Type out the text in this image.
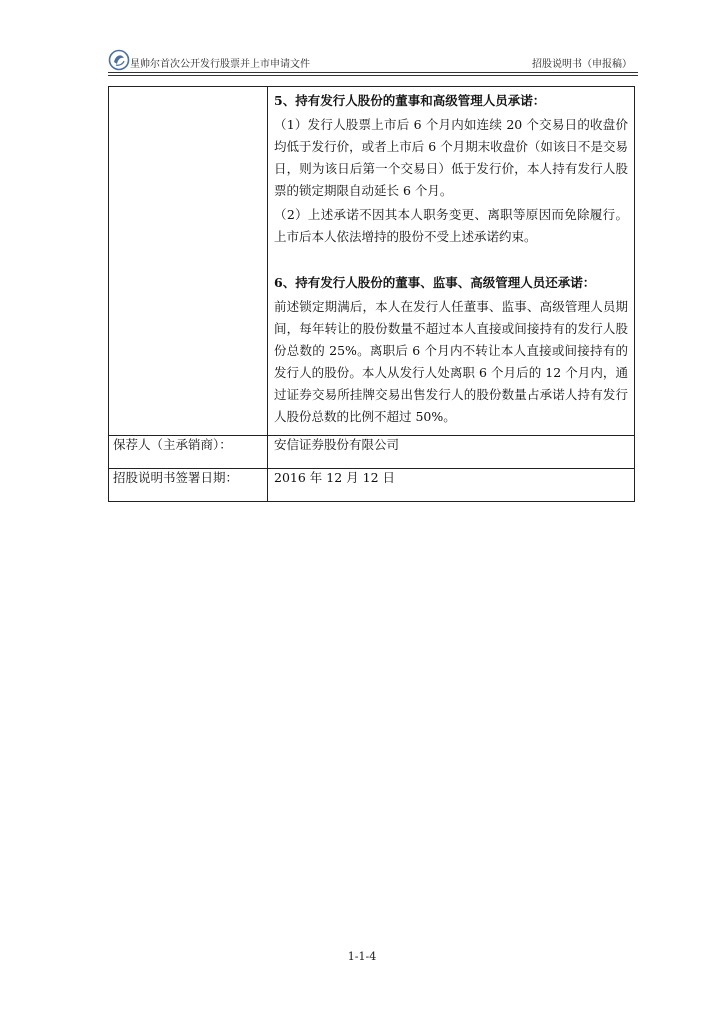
星帅尔首次公开发行股票并上市申请文件	招股说明书（申报稿）

	5、持有发行人股份的董事和高级管理人员承诺：

（1）发行人股票上市后 6 个月内如连续 20 个交易日的收盘价均低于发行价，或者上市后 6 个月期末收盘价（如该日不是交易日，则为该日后第一个交易日）低于发行价，本人持有发行人股票的锁定期限自动延长 6 个月。

（2）上述承诺不因其本人职务变更、离职等原因而免除履行。上市后本人依法增持的股份不受上述承诺约束。

6、持有发行人股份的董事、监事、高级管理人员还承诺：

前述锁定期满后，本人在发行人任董事、监事、高级管理人员期间，每年转让的股份数量不超过本人直接或间接持有的发行人股份总数的 25%。离职后 6 个月内不转让本人直接或间接持有的发行人的股份。本人从发行人处离职 6 个月后的 12 个月内，通过证券交易所挂牌交易出售发行人的股份数量占承诺人持有发行人股份总数的比例不超过 50%。

保荐人（主承销商）：	安信证券股份有限公司
招股说明书签署日期：	2016 年 12 月 12 日
1-1-4
